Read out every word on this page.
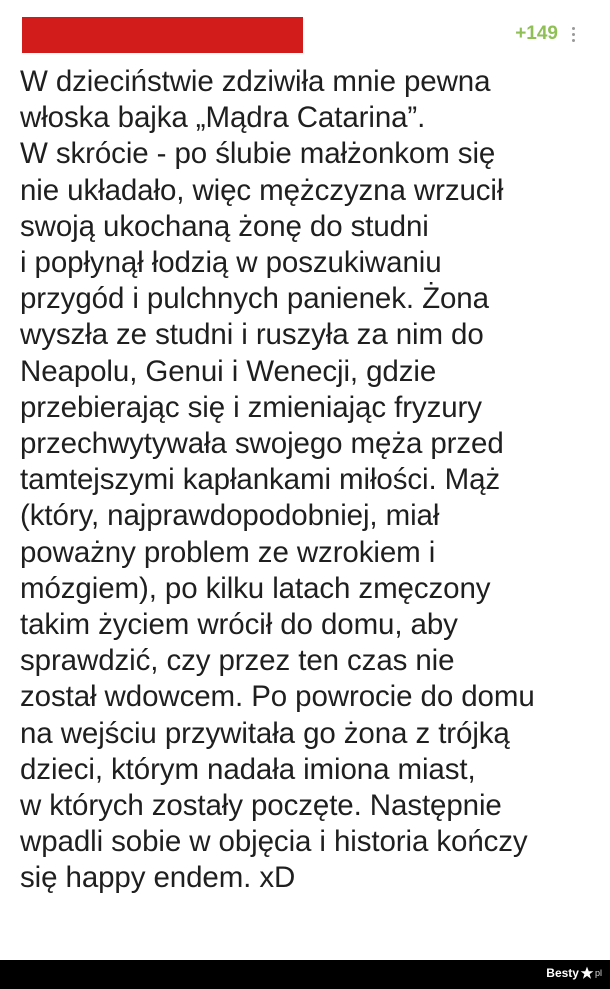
+149

W dzieciństwie zdziwiła mnie pewna
włoska bajka „Mądra Catarina”.
W skrócie - po ślubie małżonkom się
nie układało, więc mężczyzna wrzucił
swoją ukochaną żonę do studni
i popłynął łodzią w poszukiwaniu
przygód i pulchnych panienek. Żona
wyszła ze studni i ruszyła za nim do
Neapolu, Genui i Wenecji, gdzie
przebierając się i zmieniając fryzury
przechwytywała swojego męża przed
tamtejszymi kapłankami miłości. Mąż
(który, najprawdopodobniej, miał
poważny problem ze wzrokiem i
mózgiem), po kilku latach zmęczony
takim życiem wrócił do domu, aby
sprawdzić, czy przez ten czas nie
został wdowcem. Po powrocie do domu
na wejściu przywitała go żona z trójką
dzieci, którym nadała imiona miast,
w których zostały poczęte. Następnie
wpadli sobie w objęcia i historia kończy
się happy endem. xD

Besty pl
